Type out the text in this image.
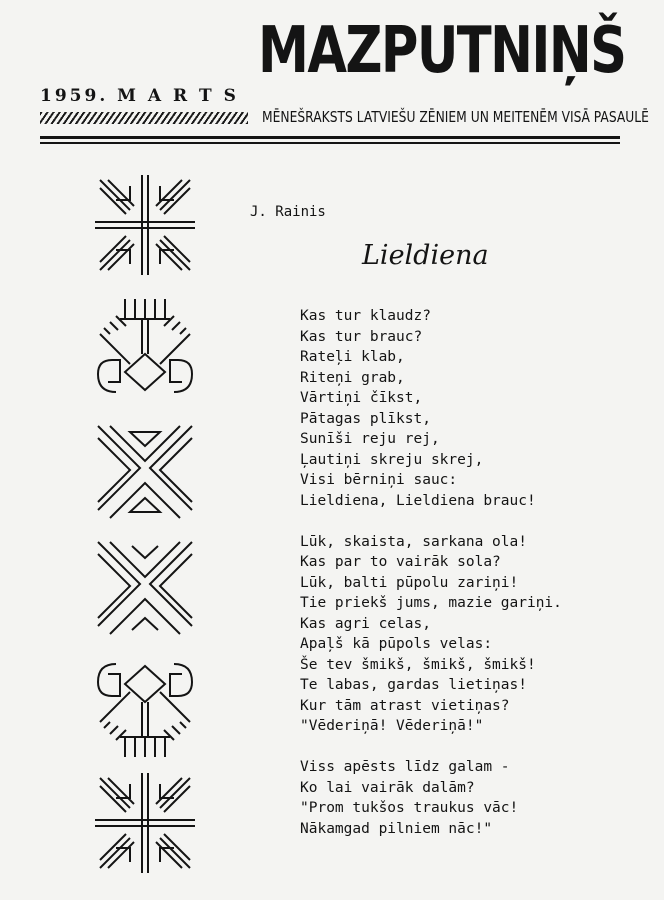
1959. M A R T S
MAZPUTNIŅŠ
MĒNEŠRAKSTS LATVIEŠU ZĒNIEM UN MEITENĒM VISĀ PASAULĒ
J. Rainis
Lieldiena
Kas tur klaudz?
Kas tur brauc?
Rateļi klab,
Riteņi grab,
Vārtiņi čīkst,
Pātagas plīkst,
Sunīši reju rej,
Ļautiņi skreju skrej,
Visi bērniņi sauc:
Lieldiena, Lieldiena brauc!
Lūk, skaista, sarkana ola!
Kas par to vairāk sola?
Lūk, balti pūpolu zariņi!
Tie priekš jums, mazie gariņi.
Kas agri celas,
Apaļš kā pūpols velas:
Še tev šmikš, šmikš, šmikš!
Te labas, gardas lietiņas!
Kur tām atrast vietiņas?
"Vēderiņā! Vēderiņā!"
Viss apēsts līdz galam -
Ko lai vairāk dalām?
"Prom tukšos traukus vāc!
Nākamgad pilniem nāc!"
